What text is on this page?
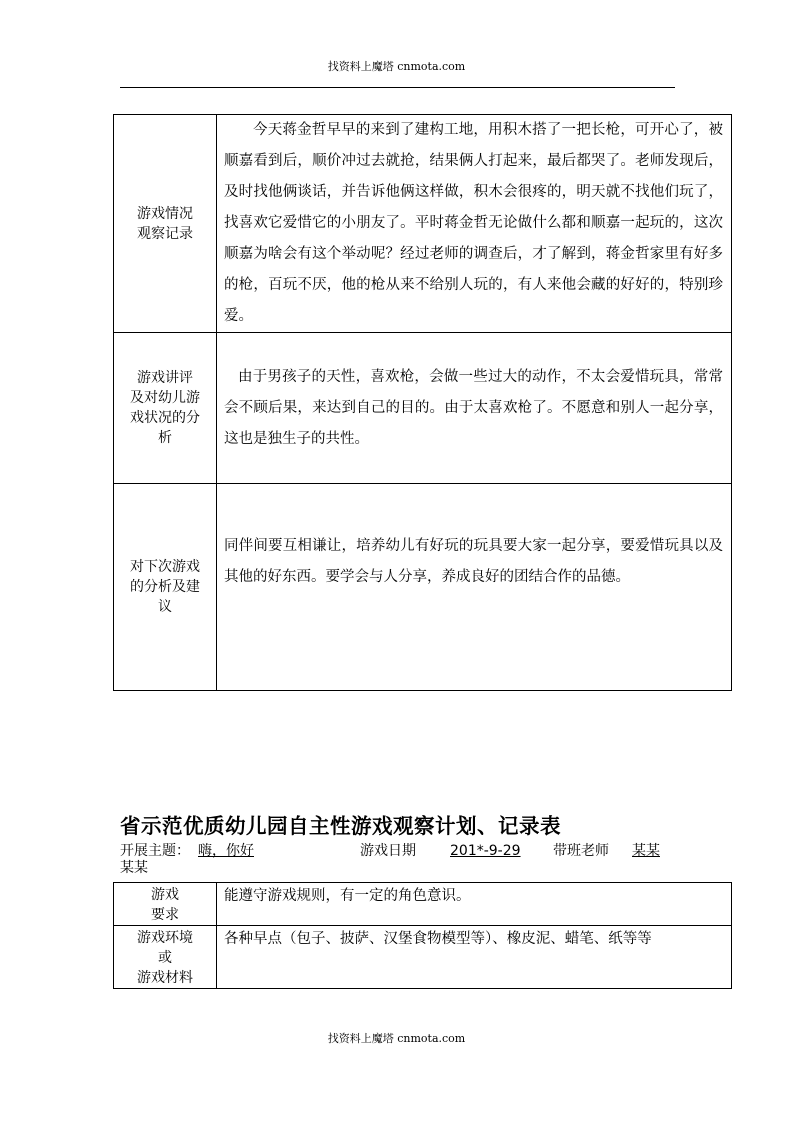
找资料上魔塔 cnmota.com
游戏情况
观察记录	今天蒋金哲早早的来到了建构工地，用积木搭了一把长枪，可开心了，被顺嘉看到后，顺价冲过去就抢，结果俩人打起来，最后都哭了。老师发现后，及时找他俩谈话，并告诉他俩这样做，积木会很疼的，明天就不找他们玩了，找喜欢它爱惜它的小朋友了。平时蒋金哲无论做什么都和顺嘉一起玩的，这次顺嘉为啥会有这个举动呢？经过老师的调查后，才了解到，蒋金哲家里有好多的枪，百玩不厌，他的枪从来不给别人玩的，有人来他会藏的好好的，特别珍爱。

游戏讲评
及对幼儿游
戏状况的分
析	由于男孩子的天性，喜欢枪，会做一些过大的动作，不太会爱惜玩具，常常会不顾后果，来达到自己的目的。由于太喜欢枪了。不愿意和别人一起分享，这也是独生子的共性。

对下次游戏
的分析及建
议	同伴间要互相谦让，培养幼儿有好玩的玩具要大家一起分享，要爱惜玩具以及其他的好东西。要学会与人分享，养成良好的团结合作的品德。
省示范优质幼儿园自主性游戏观察计划、记录表
开展主题： 嗨，你好	游戏日期	201*-9-29	带班老师 某某
某某
游戏
要求	能遵守游戏规则，有一定的角色意识。

游戏环境
或
游戏材料	各种早点（包子、披萨、汉堡食物模型等）、橡皮泥、蜡笔、纸等等
找资料上魔塔 cnmota.com
